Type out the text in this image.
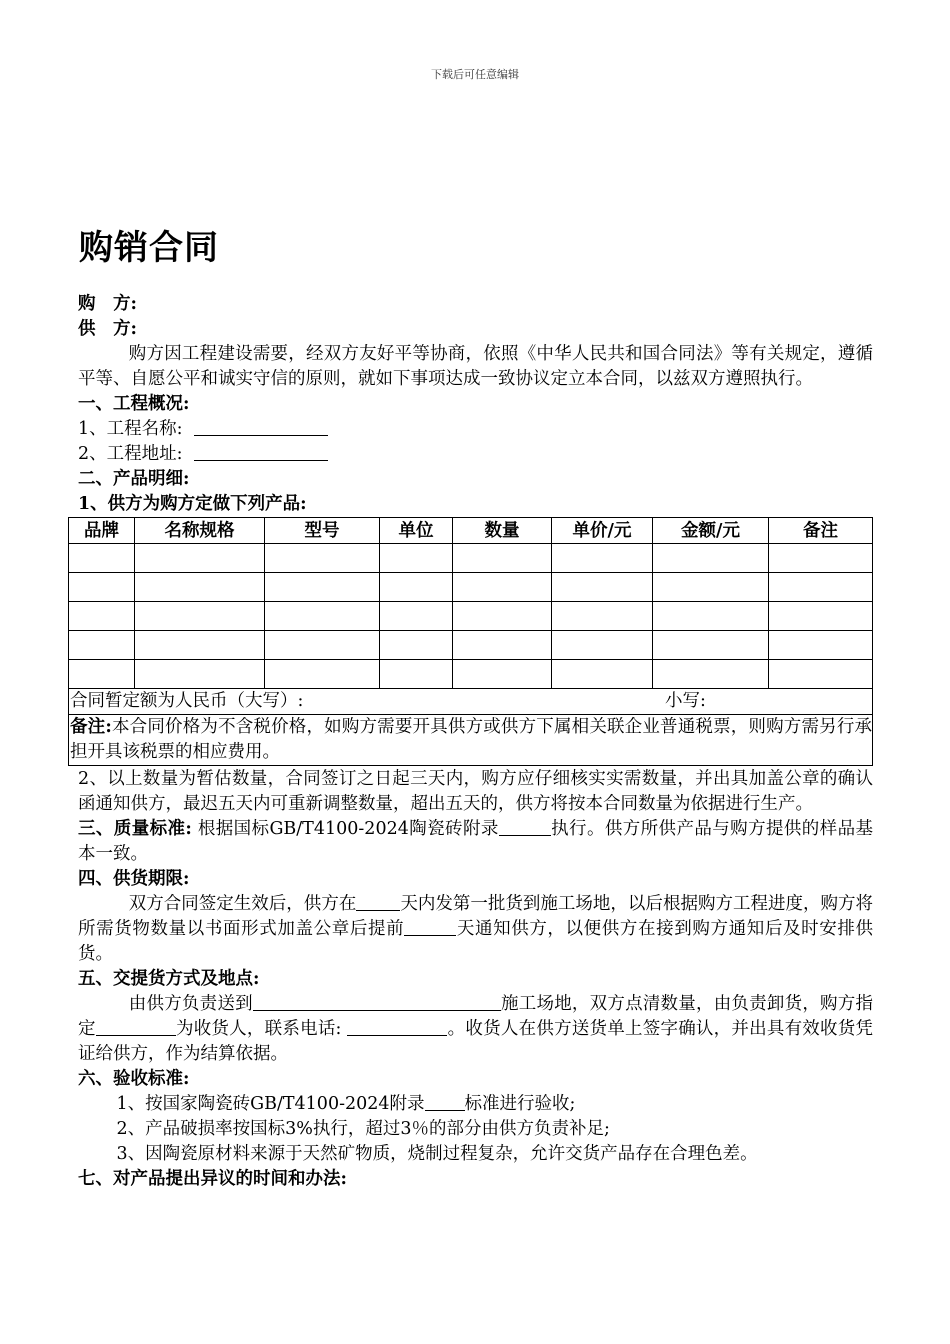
下载后可任意编辑
购销合同

购　方:

供　方:

购方因工程建设需要，经双方友好平等协商，依照《中华人民共和国合同法》等有关规定，遵循平等、自愿公平和诚实守信的原则，就如下事项达成一致协议定立本合同，以兹双方遵照执行。

一、工程概况:

1、工程名称:

2、工程地址:

二、产品明细:

1、供方为购方定做下列产品:

品牌	名称规格	型号	单位	数量	单价/元	金额/元	备注

合同暂定额为人民币（大写）: 小写:							

备注:本合同价格为不含税价格，如购方需要开具供方或供方下属相关联企业普通税票，则购方需另行承担开具该税票的相应费用。							

2、以上数量为暂估数量，合同签订之日起三天内，购方应仔细核实实需数量，并出具加盖公章的确认函通知供方，最迟五天内可重新调整数量，超出五天的，供方将按本合同数量为依据进行生产。

三、质量标准: 根据国标GB/T4100-2024陶瓷砖附录	执行。供方所供产品与购方提供的样品基本一致。

四、供货期限:

双方合同签定生效后，供方在	天内发第一批货到施工场地，以后根据购方工程进度，购方将所需货物数量以书面形式加盖公章后提前	天通知供方，以便供方在接到购方通知后及时安排供货。

五、交提货方式及地点:

由供方负责送到	施工场地，双方点清数量，由负责卸货，购方指定	为收货人，联系电话:	。收货人在供方送货单上签字确认，并出具有效收货凭证给供方，作为结算依据。

六、验收标准:

1、按国家陶瓷砖GB/T4100-2024附录 标准进行验收;

2、产品破损率按国标3%执行，超过3％的部分由供方负责补足;

3、因陶瓷原材料来源于天然矿物质，烧制过程复杂，允许交货产品存在合理色差。

七、对产品提出异议的时间和办法:
